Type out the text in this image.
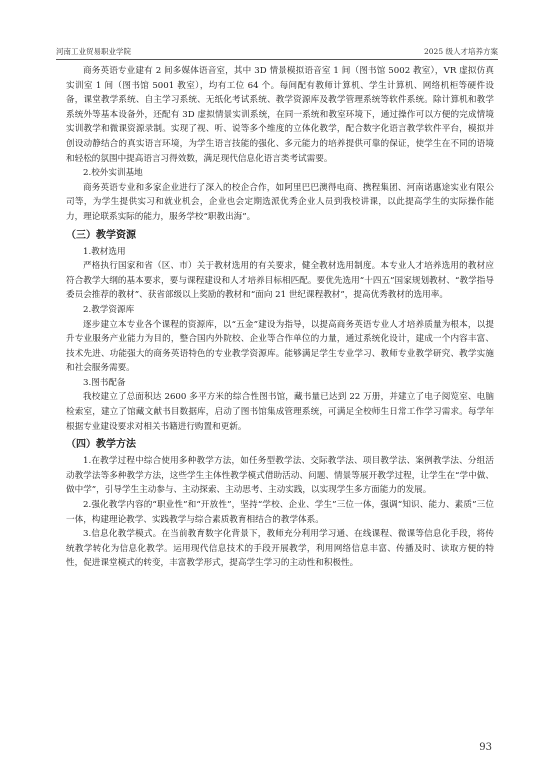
河南工业贸易职业学院	2025 级人才培养方案

商务英语专业建有 2 间多媒体语音室，其中 3D 情景模拟语音室 1 间（图书馆 5002 教室），VR 虚拟仿真实训室 1 间（图书馆 5001 教室），均有工位 64 个。每间配有教师计算机、学生计算机、网络机柜等硬件设备，课堂教学系统、自主学习系统、无纸化考试系统、教学资源库及教学管理系统等软件系统。除计算机和教学系统外等基本设备外，还配有 3D 虚拟情景实训系统，在同一系统和教室环境下，通过操作可以方便的完成情境实训教学和微课资源录制。实现了视、听、说等多个维度的立体化教学，配合数字化语言教学软件平台，模拟并创设动静结合的真实语言环境，为学生语言技能的强化、多元能力的培养提供可靠的保证，使学生在不同的语境和轻松的氛围中提高语言习得效数，满足现代信息化语言类考试需要。

2.校外实训基地

商务英语专业和多家企业进行了深入的校企合作，如阿里巴巴澳得电商、携程集团、河南诺惠途实业有限公司等，为学生提供实习和就业机会，企业也会定期选派优秀企业人员到我校讲课，以此提高学生的实际操作能力，理论联系实际的能力，服务学校“职教出海”。

（三）教学资源
1.教材选用

严格执行国家和省（区、市）关于教材选用的有关要求，健全教材选用制度。本专业人才培养选用的教材应符合教学大纲的基本要求，要与课程建设和人才培养目标相匹配。要优先选用“十四五”国家规划教材、“教学指导委员会推荐的教材”、获省部级以上奖励的教材和“面向 21 世纪课程教材”，提高优秀教材的选用率。

2.教学资源库

逐步建立本专业各个课程的资源库，以“五金”建设为指导，以提高商务英语专业人才培养质量为根本，以提升专业服务产业能力为目的，整合国内外院校、企业等合作单位的力量，通过系统化设计，建成一个内容丰富、技术先进、功能强大的商务英语特色的专业教学资源库。能够满足学生专业学习、教师专业教学研究、教学实施和社会服务需要。

3.图书配备

我校建立了总面积达 2600 多平方米的综合性图书馆，藏书量已达到 22 万册，并建立了电子阅览室、电脑检索室，建立了馆藏文献书目数据库，启动了图书馆集成管理系统，可满足全校师生日常工作学习需求。每学年根据专业建设要求对相关书籍进行购置和更新。

（四）教学方法

1.在教学过程中综合使用多种教学方法，如任务型教学法、交际教学法、项目教学法、案例教学法、分组活动教学法等多种教学方法，这些学生主体性教学模式借助活动、问题、情景等展开教学过程，让学生在“学中做、做中学”，引导学生主动参与、主动探索、主动思考、主动实践，以实现学生多方面能力的发展。

2.强化教学内容的“职业性”和“开放性”，坚持“学校、企业、学生”三位一体，强调“知识、能力、素质”三位一体，构建理论教学、实践教学与综合素质教育相结合的教学体系。

3.信息化教学模式。在当前教育数字化背景下，教师充分利用学习通、在线课程、微课等信息化手段，将传统教学转化为信息化教学。运用现代信息技术的手段开展教学，利用网络信息丰富、传播及时、读取方便的特性，促进课堂模式的转变，丰富教学形式，提高学生学习的主动性和积极性。

93
